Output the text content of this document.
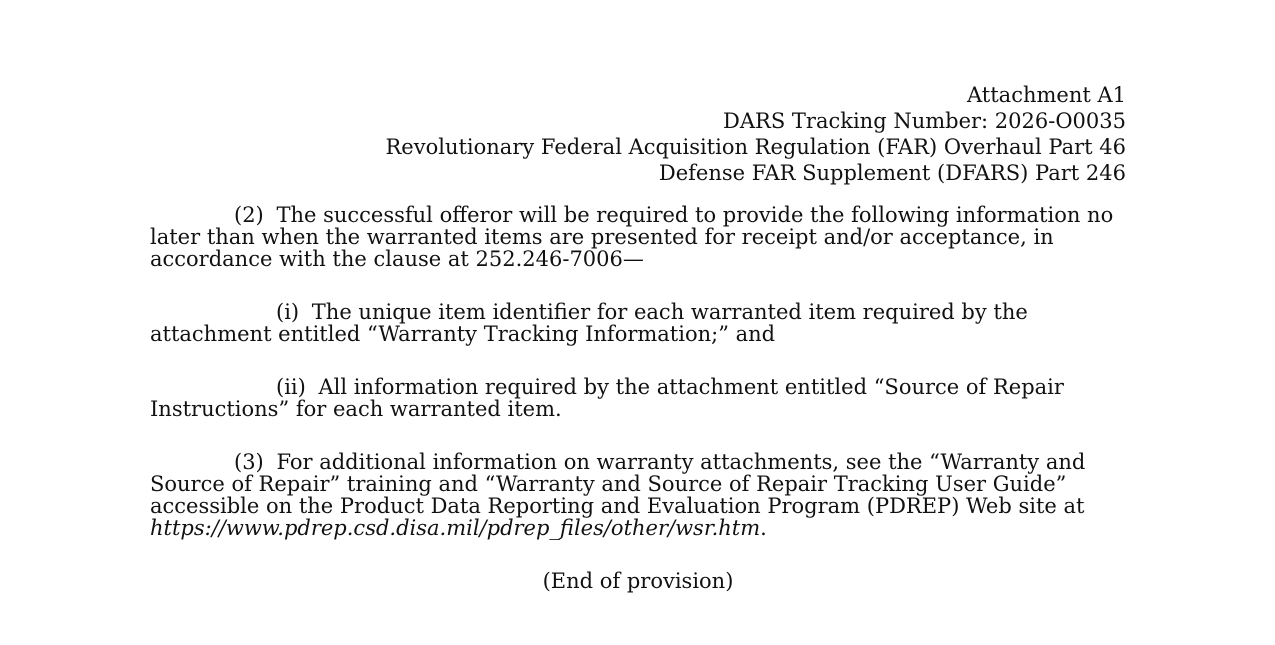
Attachment A1
DARS Tracking Number: 2026-O0035
Revolutionary Federal Acquisition Regulation (FAR) Overhaul Part 46
Defense FAR Supplement (DFARS) Part 246

(2) The successful offeror will be required to provide the following information no later than when the warranted items are presented for receipt and/or acceptance, in accordance with the clause at 252.246-7006—

(i) The unique item identifier for each warranted item required by the attachment entitled “Warranty Tracking Information;” and

(ii) All information required by the attachment entitled “Source of Repair Instructions” for each warranted item.

(3) For additional information on warranty attachments, see the “Warranty and Source of Repair” training and “Warranty and Source of Repair Tracking User Guide” accessible on the Product Data Reporting and Evaluation Program (PDREP) Web site at https://www.pdrep.csd.disa.mil/pdrep_files/other/wsr.htm.

(End of provision)
